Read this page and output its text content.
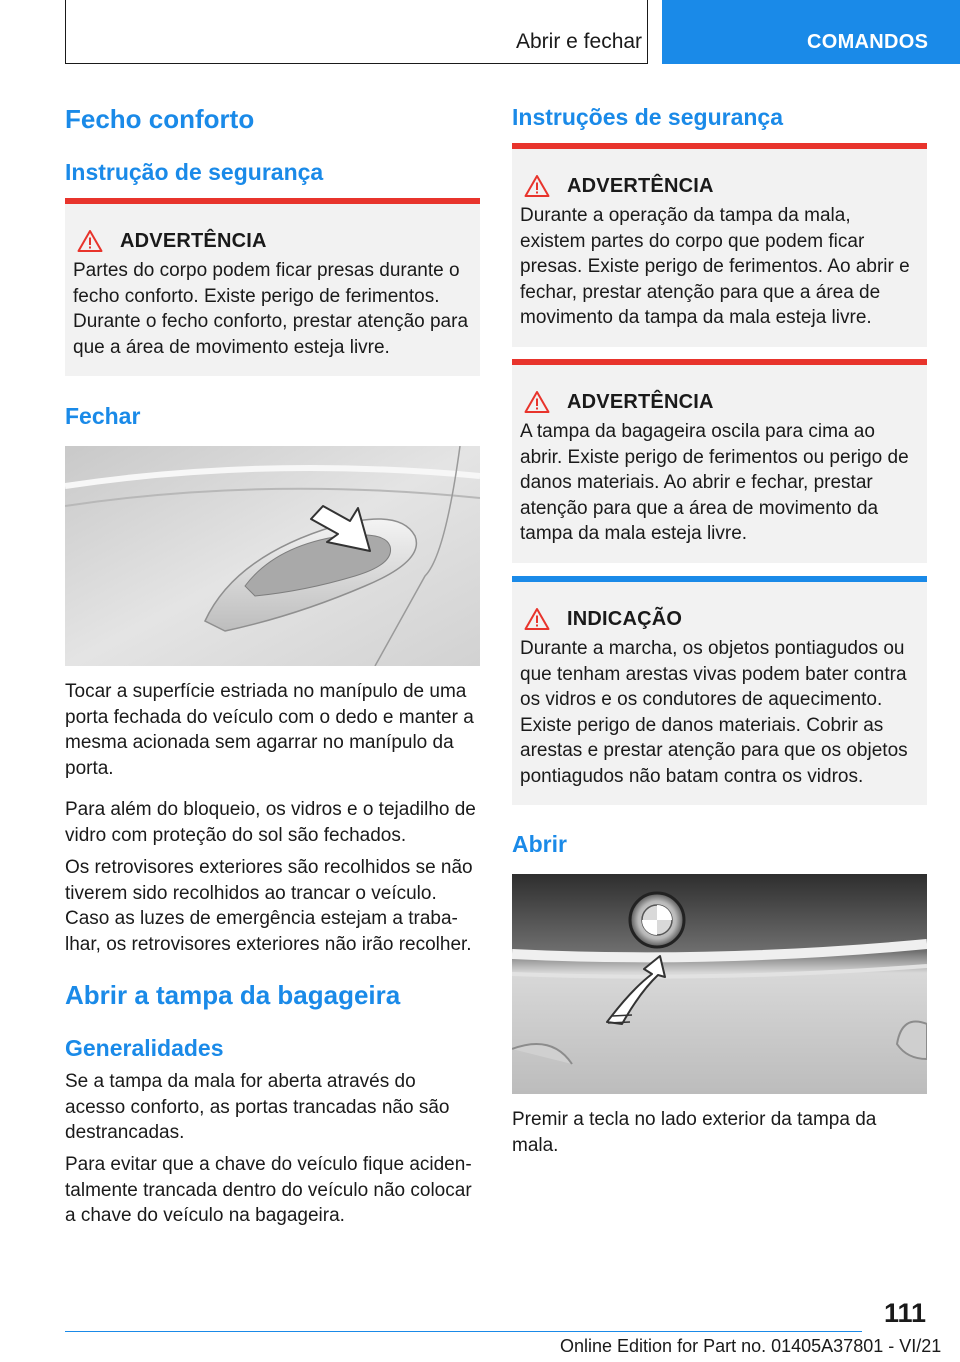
Abrir e fechar	COMANDOS
Fecho conforto
Instrução de segurança
ADVERTÊNCIA
Partes do corpo podem ficar presas durante o fecho conforto. Existe perigo de ferimentos. Durante o fecho conforto, prestar atenção para que a área de movimento esteja livre.
Fechar

Tocar a superfície estriada no manípulo de uma porta fechada do veículo com o dedo e manter a mesma acionada sem agarrar no manípulo da porta.

Para além do bloqueio, os vidros e o tejadilho de vidro com proteção do sol são fechados.

Os retrovisores exteriores são recolhidos se não tiverem sido recolhidos ao trancar o veículo. Caso as luzes de emergência estejam a trabalhar, os retrovisores exteriores não irão recolher.

Abrir a tampa da bagageira
Generalidades

Se a tampa da mala for aberta através do acesso conforto, as portas trancadas não são destrancadas.

Para evitar que a chave do veículo fique acidentalmente trancada dentro do veículo não colocar a chave do veículo na bagageira.

Instruções de segurança
ADVERTÊNCIA
Durante a operação da tampa da mala, existem partes do corpo que podem ficar presas. Existe perigo de ferimentos. Ao abrir e fechar, prestar atenção para que a área de movimento da tampa da mala esteja livre.
ADVERTÊNCIA
A tampa da bagageira oscila para cima ao abrir. Existe perigo de ferimentos ou perigo de danos materiais. Ao abrir e fechar, prestar atenção para que a área de movimento da tampa da mala esteja livre.
INDICAÇÃO
Durante a marcha, os objetos pontiagudos ou que tenham arestas vivas podem bater contra os vidros e os condutores de aquecimento. Existe perigo de danos materiais. Cobrir as arestas e prestar atenção para que os objetos pontiagudos não batam contra os vidros.
Abrir

Premir a tecla no lado exterior da tampa da mala.

111
Online Edition for Part no. 01405A37801 - VI/21
